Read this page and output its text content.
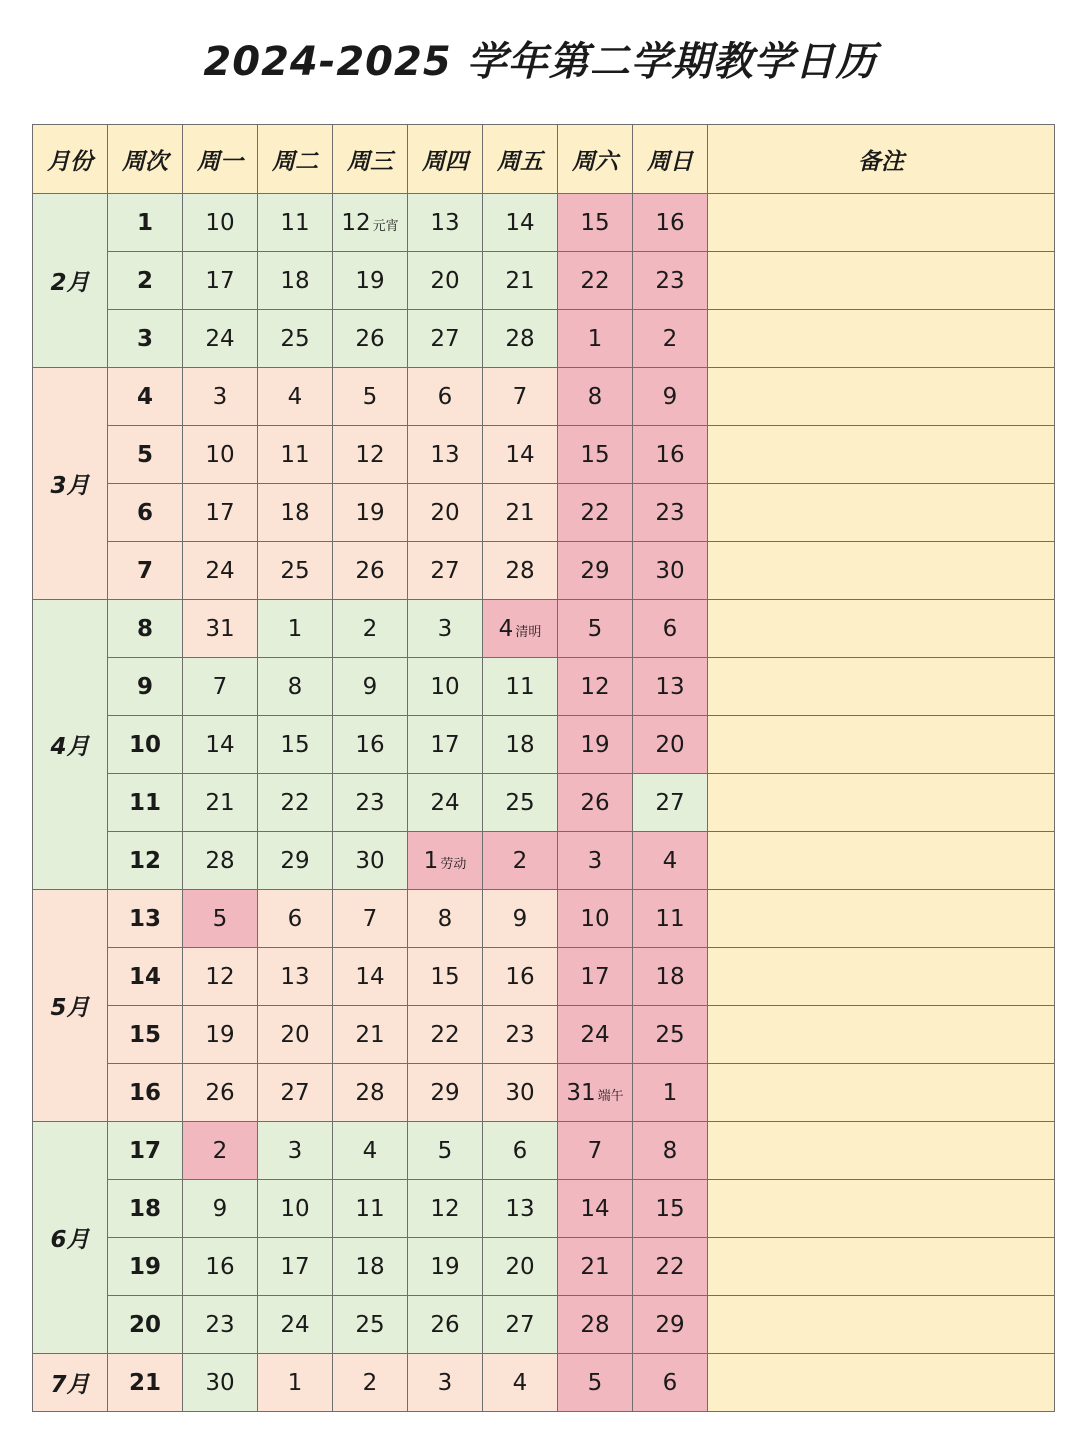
2024-2025 学年第二学期教学日历
月份	周次	周一	周二	周三	周四	周五	周六	周日	备注
2月	1	10	11	12 元宵	13	14	15	16	
	2	17	18	19	20	21	22	23	
	3	24	25	26	27	28	1	2	
3月	4	3	4	5	6	7	8	9	
	5	10	11	12	13	14	15	16	
	6	17	18	19	20	21	22	23	
	7	24	25	26	27	28	29	30	
4月	8	31	1	2	3	4 清明	5	6	
	9	7	8	9	10	11	12	13	
	10	14	15	16	17	18	19	20	
	11	21	22	23	24	25	26	27	
	12	28	29	30	1 劳动	2	3	4	
5月	13	5	6	7	8	9	10	11	
	14	12	13	14	15	16	17	18	
	15	19	20	21	22	23	24	25	
	16	26	27	28	29	30	31 端午	1	
6月	17	2	3	4	5	6	7	8	
	18	9	10	11	12	13	14	15	
	19	16	17	18	19	20	21	22	
	20	23	24	25	26	27	28	29	
7月	21	30	1	2	3	4	5	6	
